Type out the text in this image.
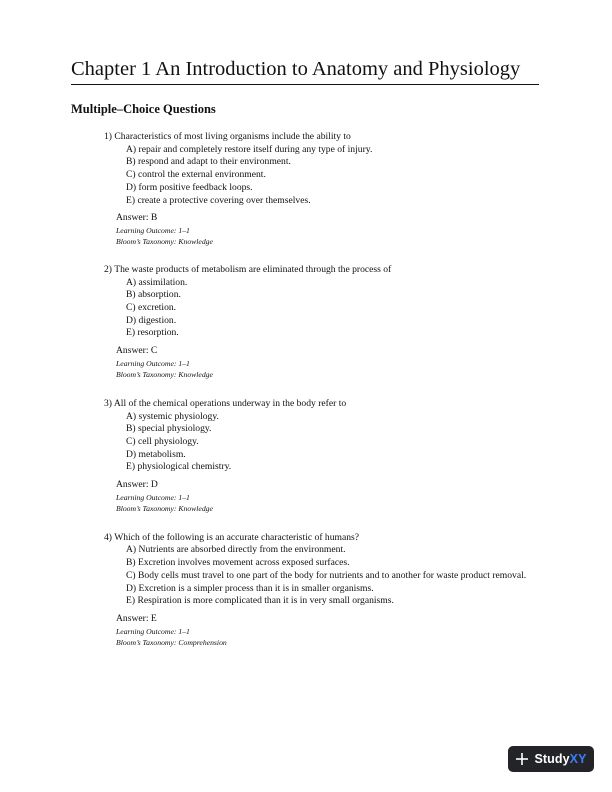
Chapter 1 An Introduction to Anatomy and Physiology
Multiple–Choice Questions
1) Characteristics of most living organisms include the ability to
A) repair and completely restore itself during any type of injury.
B) respond and adapt to their environment.
C) control the external environment.
D) form positive feedback loops.
E) create a protective covering over themselves.
Answer: B
Learning Outcome: 1–1
Bloom’s Taxonomy: Knowledge
2) The waste products of metabolism are eliminated through the process of
A) assimilation.
B) absorption.
C) excretion.
D) digestion.
E) resorption.
Answer: C
Learning Outcome: 1–1
Bloom’s Taxonomy: Knowledge
3) All of the chemical operations underway in the body refer to
A) systemic physiology.
B) special physiology.
C) cell physiology.
D) metabolism.
E) physiological chemistry.
Answer: D
Learning Outcome: 1–1
Bloom’s Taxonomy: Knowledge
4) Which of the following is an accurate characteristic of humans?
A) Nutrients are absorbed directly from the environment.
B) Excretion involves movement across exposed surfaces.
C) Body cells must travel to one part of the body for nutrients and to another for waste product removal.
D) Excretion is a simpler process than it is in smaller organisms.
E) Respiration is more complicated than it is in very small organisms.
Answer: E
Learning Outcome: 1–1
Bloom’s Taxonomy: Comprehension
StudyXY
